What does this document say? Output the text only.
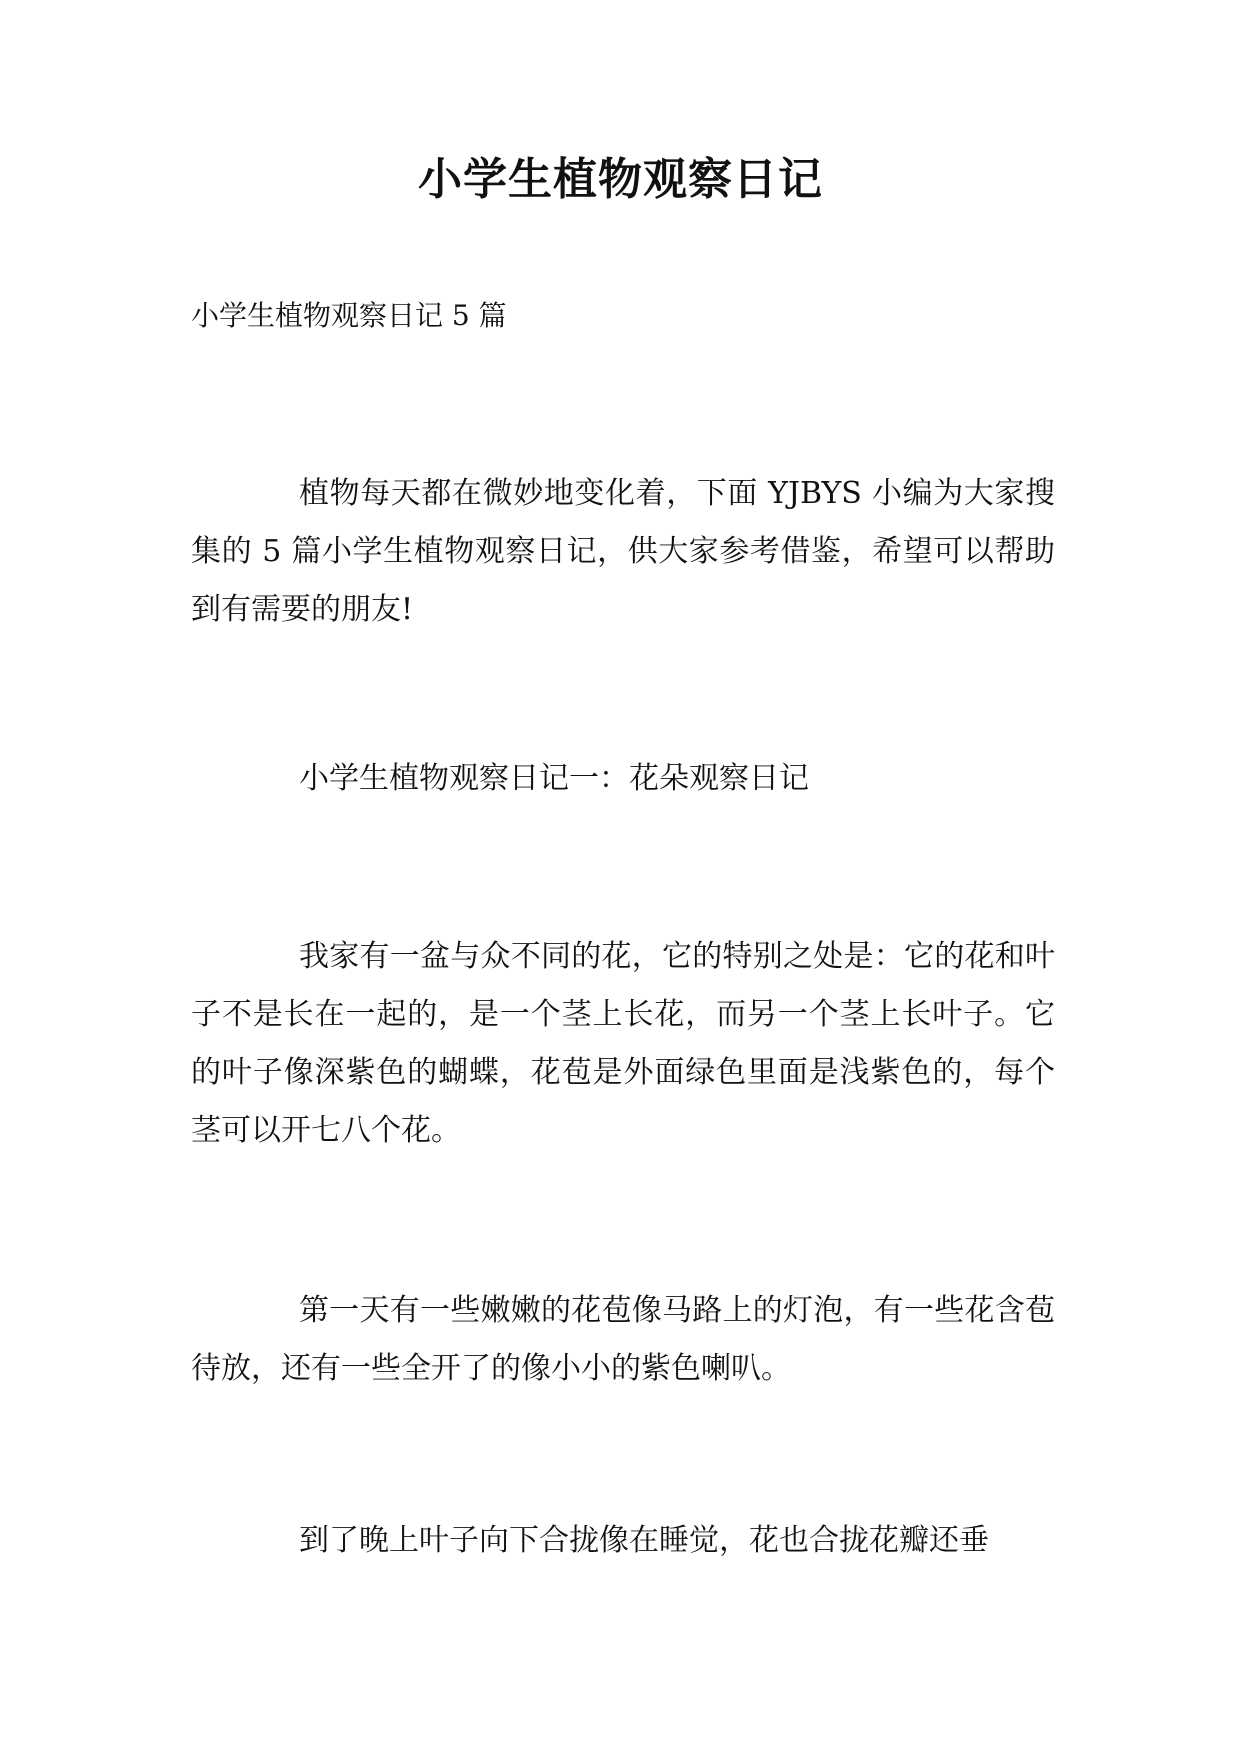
小学生植物观察日记
小学生植物观察日记 5 篇
植物每天都在微妙地变化着，下面 YJBYS 小编为大家搜集的 5 篇小学生植物观察日记，供大家参考借鉴，希望可以帮助到有需要的朋友!
小学生植物观察日记一：花朵观察日记
我家有一盆与众不同的花，它的特别之处是：它的花和叶子不是长在一起的，是一个茎上长花，而另一个茎上长叶子。它的叶子像深紫色的蝴蝶，花苞是外面绿色里面是浅紫色的，每个茎可以开七八个花。
第一天有一些嫩嫩的花苞像马路上的灯泡，有一些花含苞待放，还有一些全开了的像小小的紫色喇叭。
到了晚上叶子向下合拢像在睡觉，花也合拢花瓣还垂
